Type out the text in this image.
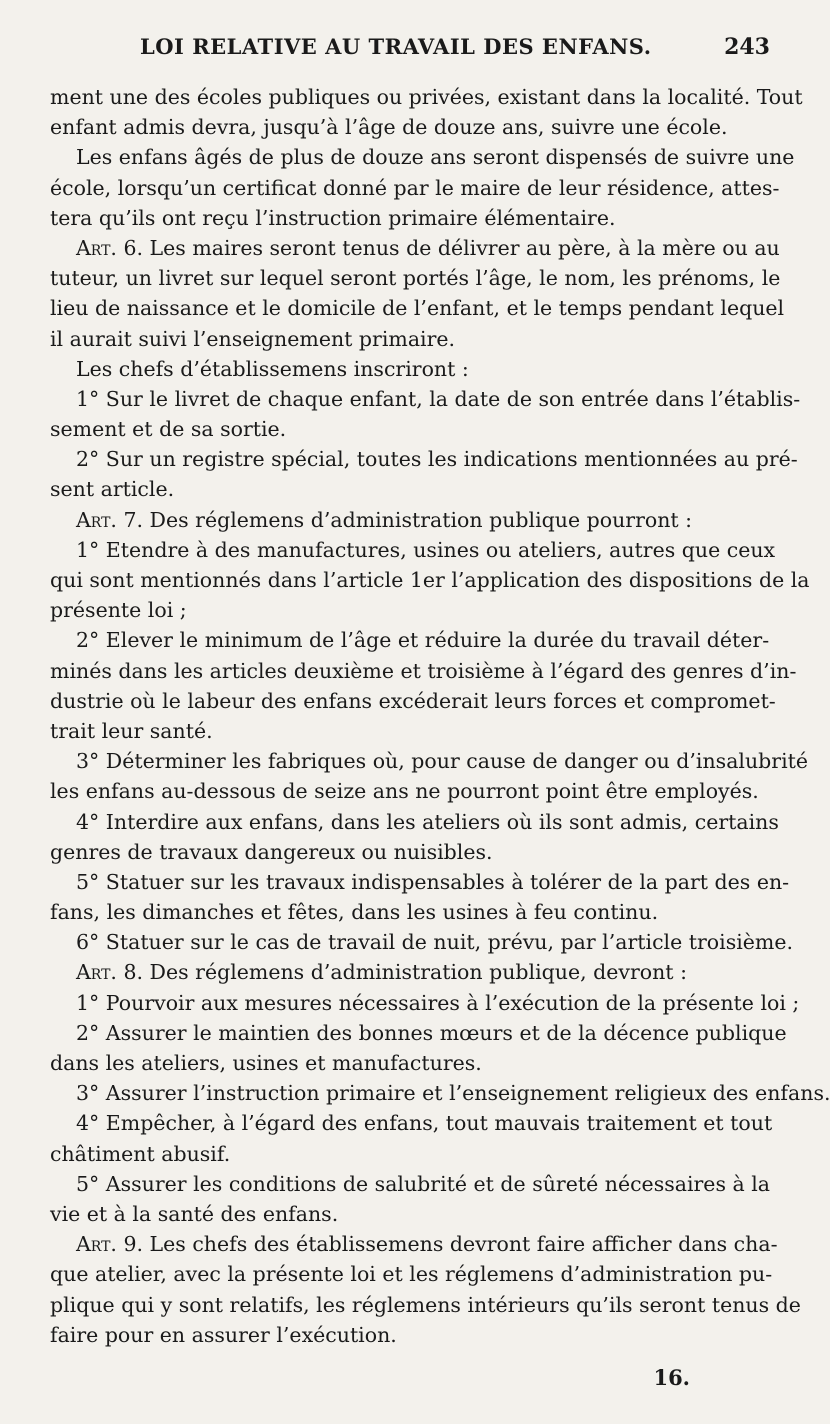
LOI RELATIVE AU TRAVAIL DES ENFANS.	243
ment une des écoles publiques ou privées, existant dans la localité. Tout
enfant admis devra, jusqu’à l’âge de douze ans, suivre une école.
Les enfans âgés de plus de douze ans seront dispensés de suivre une
école, lorsqu’un certificat donné par le maire de leur résidence, attes-
tera qu’ils ont reçu l’instruction primaire élémentaire.
Art. 6. Les maires seront tenus de délivrer au père, à la mère ou au
tuteur, un livret sur lequel seront portés l’âge, le nom, les prénoms, le
lieu de naissance et le domicile de l’enfant, et le temps pendant lequel
il aurait suivi l’enseignement primaire.
Les chefs d’établissemens inscriront :
1° Sur le livret de chaque enfant, la date de son entrée dans l’établis-
sement et de sa sortie.
2° Sur un registre spécial, toutes les indications mentionnées au pré-
sent article.
Art. 7. Des réglemens d’administration publique pourront :
1° Etendre à des manufactures, usines ou ateliers, autres que ceux
qui sont mentionnés dans l’article 1er l’application des dispositions de la
présente loi ;
2° Elever le minimum de l’âge et réduire la durée du travail déter-
minés dans les articles deuxième et troisième à l’égard des genres d’in-
dustrie où le labeur des enfans excéderait leurs forces et compromet-
trait leur santé.
3° Déterminer les fabriques où, pour cause de danger ou d’insalubrité
les enfans au-dessous de seize ans ne pourront point être employés.
4° Interdire aux enfans, dans les ateliers où ils sont admis, certains
genres de travaux dangereux ou nuisibles.
5° Statuer sur les travaux indispensables à tolérer de la part des en-
fans, les dimanches et fêtes, dans les usines à feu continu.
6° Statuer sur le cas de travail de nuit, prévu, par l’article troisième.
Art. 8. Des réglemens d’administration publique, devront :
1° Pourvoir aux mesures nécessaires à l’exécution de la présente loi ;
2° Assurer le maintien des bonnes mœurs et de la décence publique
dans les ateliers, usines et manufactures.
3° Assurer l’instruction primaire et l’enseignement religieux des enfans.
4° Empêcher, à l’égard des enfans, tout mauvais traitement et tout
châtiment abusif.
5° Assurer les conditions de salubrité et de sûreté nécessaires à la
vie et à la santé des enfans.
Art. 9. Les chefs des établissemens devront faire afficher dans cha-
que atelier, avec la présente loi et les réglemens d’administration pu-
plique qui y sont relatifs, les réglemens intérieurs qu’ils seront tenus de
faire pour en assurer l’exécution.
16.
